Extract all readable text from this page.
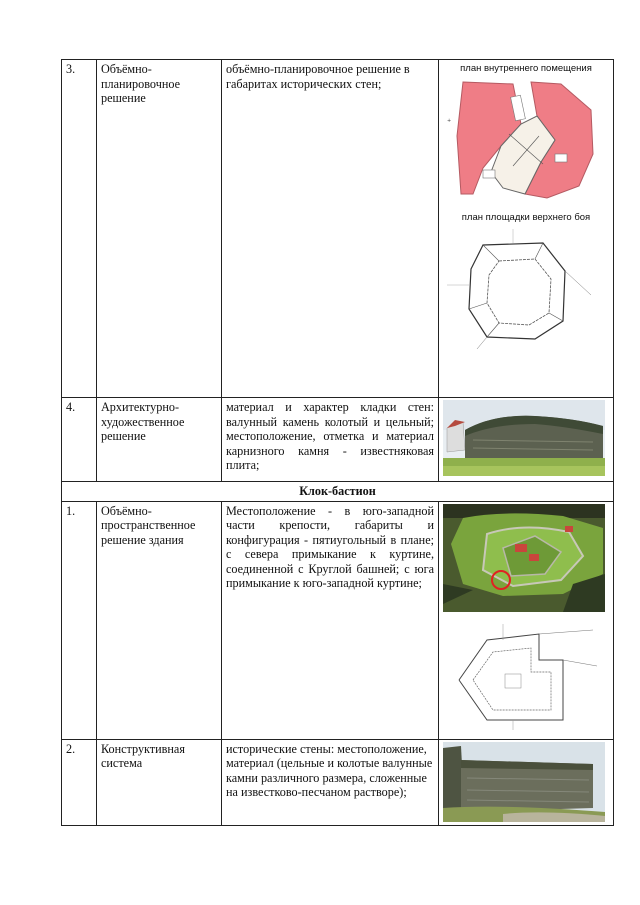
3.	Объёмно-планировочное решение	объёмно-планировочное решение в габаритах исторических стен;	план внутреннего помещения
+
план площадки верхнего боя

4.	Архитектурно-художественное решение	материал и характер кладки стен: валунный камень колотый и цельный; местоположение, отметка и материал карнизного камня - известняковая плита;	

Клок-бастион			
1.	Объёмно-пространственное решение здания	Местоположение - в юго-западной части крепости, габариты и конфигурация - пятиугольный в плане; с севера примыкание к куртине, соединенной с Круглой башней; с юга примыкание к юго-западной куртине;	

2.	Конструктивная система	исторические стены: местоположение, материал (цельные и колотые валунные камни различного размера, сложенные на известково-песчаном растворе);	
